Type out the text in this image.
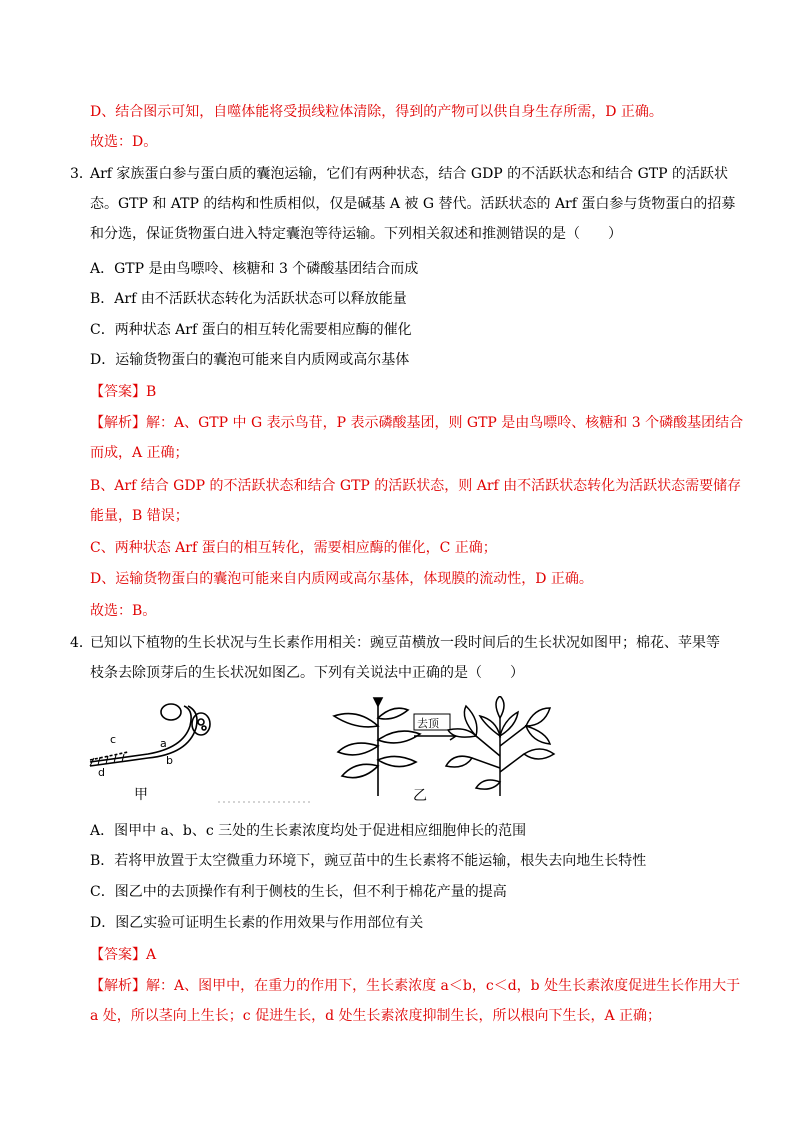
D、结合图示可知，自噬体能将受损线粒体清除，得到的产物可以供自身生存所需，D 正确。
故选：D。
3．
Arf 家族蛋白参与蛋白质的囊泡运输，它们有两种状态，结合 GDP 的不活跃状态和结合 GTP 的活跃状
态。GTP 和 ATP 的结构和性质相似，仅是碱基 A 被 G 替代。活跃状态的 Arf 蛋白参与货物蛋白的招募
和分选，保证货物蛋白进入特定囊泡等待运输。下列相关叙述和推测错误的是（　　）
A．GTP 是由鸟嘌呤、核糖和 3 个磷酸基团结合而成
B．Arf 由不活跃状态转化为活跃状态可以释放能量
C．两种状态 Arf 蛋白的相互转化需要相应酶的催化
D．运输货物蛋白的囊泡可能来自内质网或高尔基体
【答案】B
【解析】解：A、GTP 中 G 表示鸟苷，P 表示磷酸基团，则 GTP 是由鸟嘌呤、核糖和 3 个磷酸基团结合
而成，A 正确；
B、Arf 结合 GDP 的不活跃状态和结合 GTP 的活跃状态，则 Arf 由不活跃状态转化为活跃状态需要储存
能量，B 错误；
C、两种状态 Arf 蛋白的相互转化，需要相应酶的催化，C 正确；
D、运输货物蛋白的囊泡可能来自内质网或高尔基体，体现膜的流动性，D 正确。
故选：B。
4．
已知以下植物的生长状况与生长素作用相关：豌豆苗横放一段时间后的生长状况如图甲；棉花、苹果等
枝条去除顶芽后的生长状况如图乙。下列有关说法中正确的是（　　）
c	a
d
b
甲
去顶
乙
A．图甲中 a、b、c 三处的生长素浓度均处于促进相应细胞伸长的范围
B．若将甲放置于太空微重力环境下，豌豆苗中的生长素将不能运输，根失去向地生长特性
C．图乙中的去顶操作有利于侧枝的生长，但不利于棉花产量的提高
D．图乙实验可证明生长素的作用效果与作用部位有关
【答案】A
【解析】解：A、图甲中，在重力的作用下，生长素浓度 a＜b，c＜d，b 处生长素浓度促进生长作用大于
a 处，所以茎向上生长；c 促进生长，d 处生长素浓度抑制生长，所以根向下生长，A 正确；
